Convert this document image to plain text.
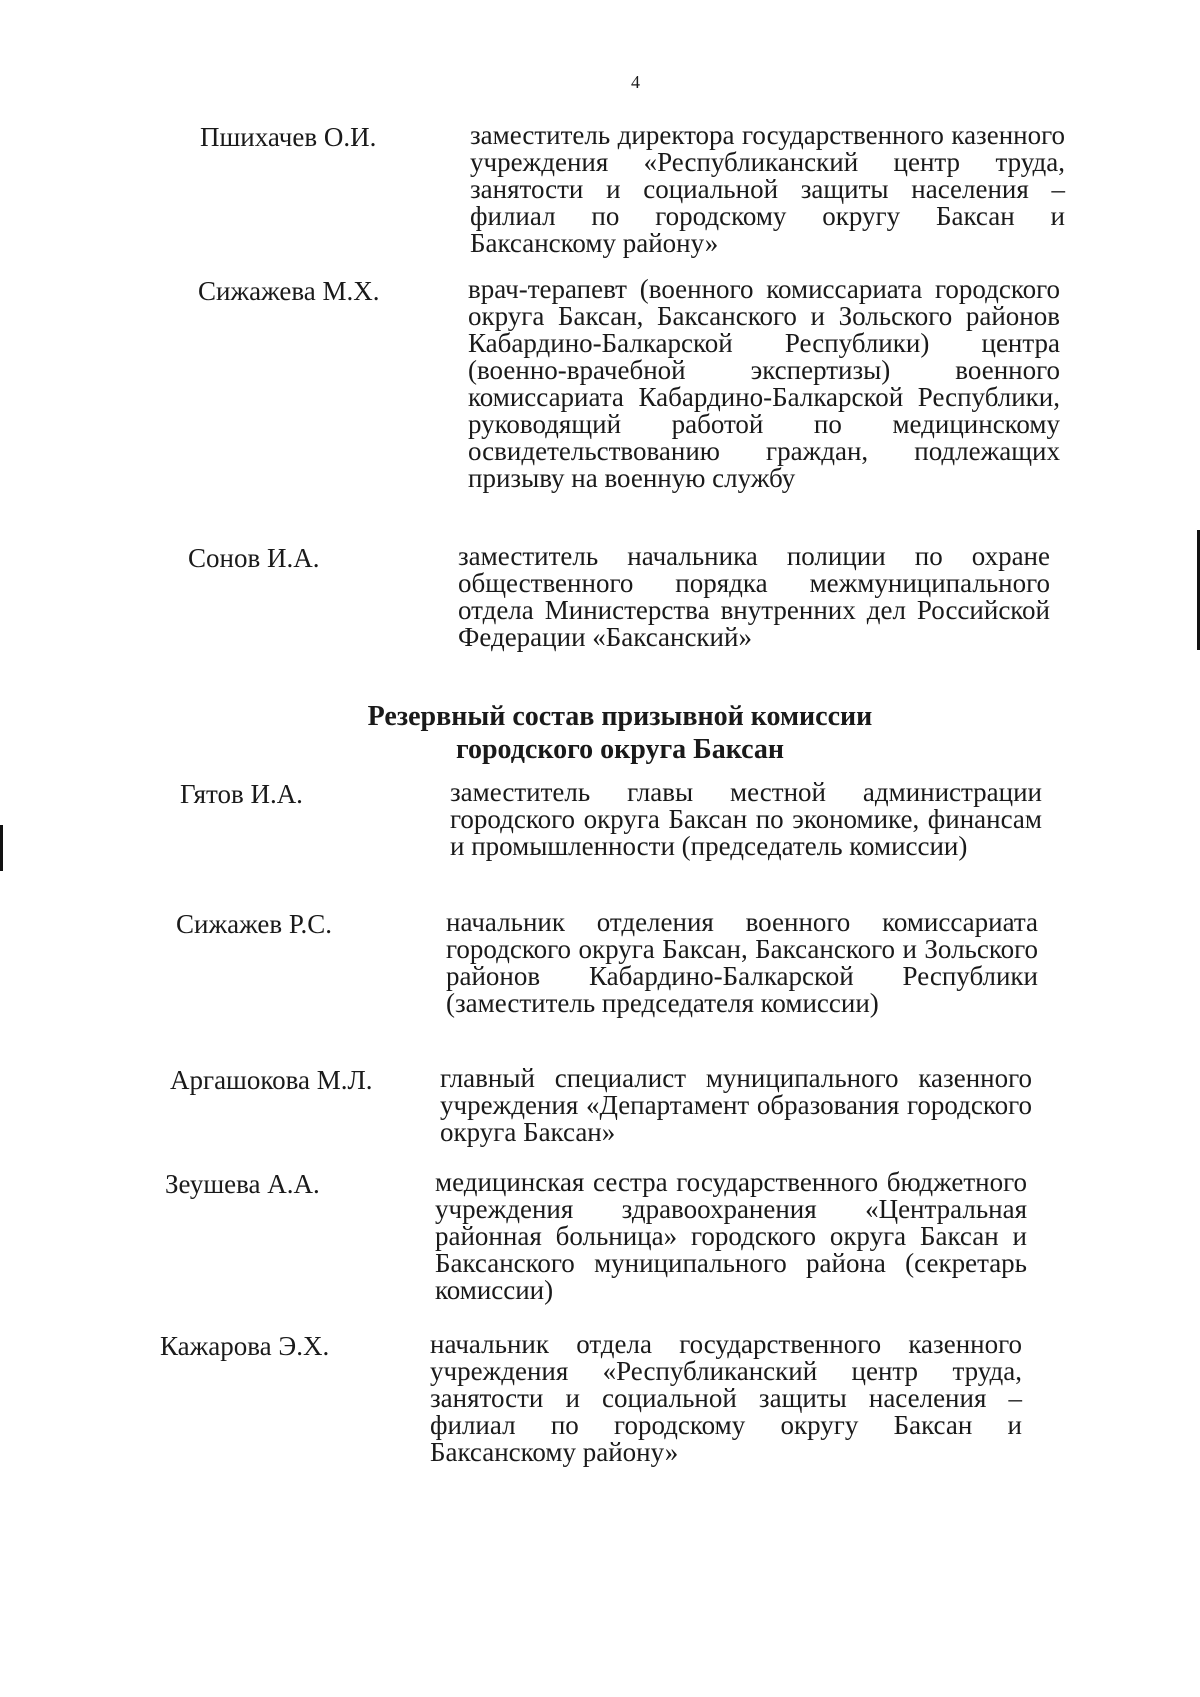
4
Пшихачев О.И.	заместитель директора государственного казенного учреждения «Республиканский центр труда, занятости и социальной защиты населения – филиал по городскому округу Баксан и Баксанскому району»
Сижажева М.Х.	врач-терапевт (военного комиссариата городского округа Баксан, Баксанского и Зольского районов Кабардино-Балкарской Республики) центра (военно-врачебной экспертизы) военного комиссариата Кабардино-Балкарской Республики, руководящий работой по медицинскому освидетельствованию граждан, подлежащих призыву на военную службу
Сонов И.А.	заместитель начальника полиции по охране общественного порядка межмуниципального отдела Министерства внутренних дел Российской Федерации «Баксанский»
Резервный состав призывной комиссии
городского округа Баксан
Гятов И.А.	заместитель главы местной администрации городского округа Баксан по экономике, финансам и промышленности (председатель комиссии)
Сижажев Р.С.	начальник отделения военного комиссариата городского округа Баксан, Баксанского и Зольского районов Кабардино-Балкарской Республики (заместитель председателя комиссии)
Аргашокова М.Л.	главный специалист муниципального казенного учреждения «Департамент образования городского округа Баксан»
Зеушева А.А.	медицинская сестра государственного бюджетного учреждения здравоохранения «Центральная районная больница» городского округа Баксан и Баксанского муниципального района (секретарь комиссии)
Кажарова Э.Х.	начальник отдела государственного казенного учреждения «Республиканский центр труда, занятости и социальной защиты населения – филиал по городскому округу Баксан и Баксанскому району»
